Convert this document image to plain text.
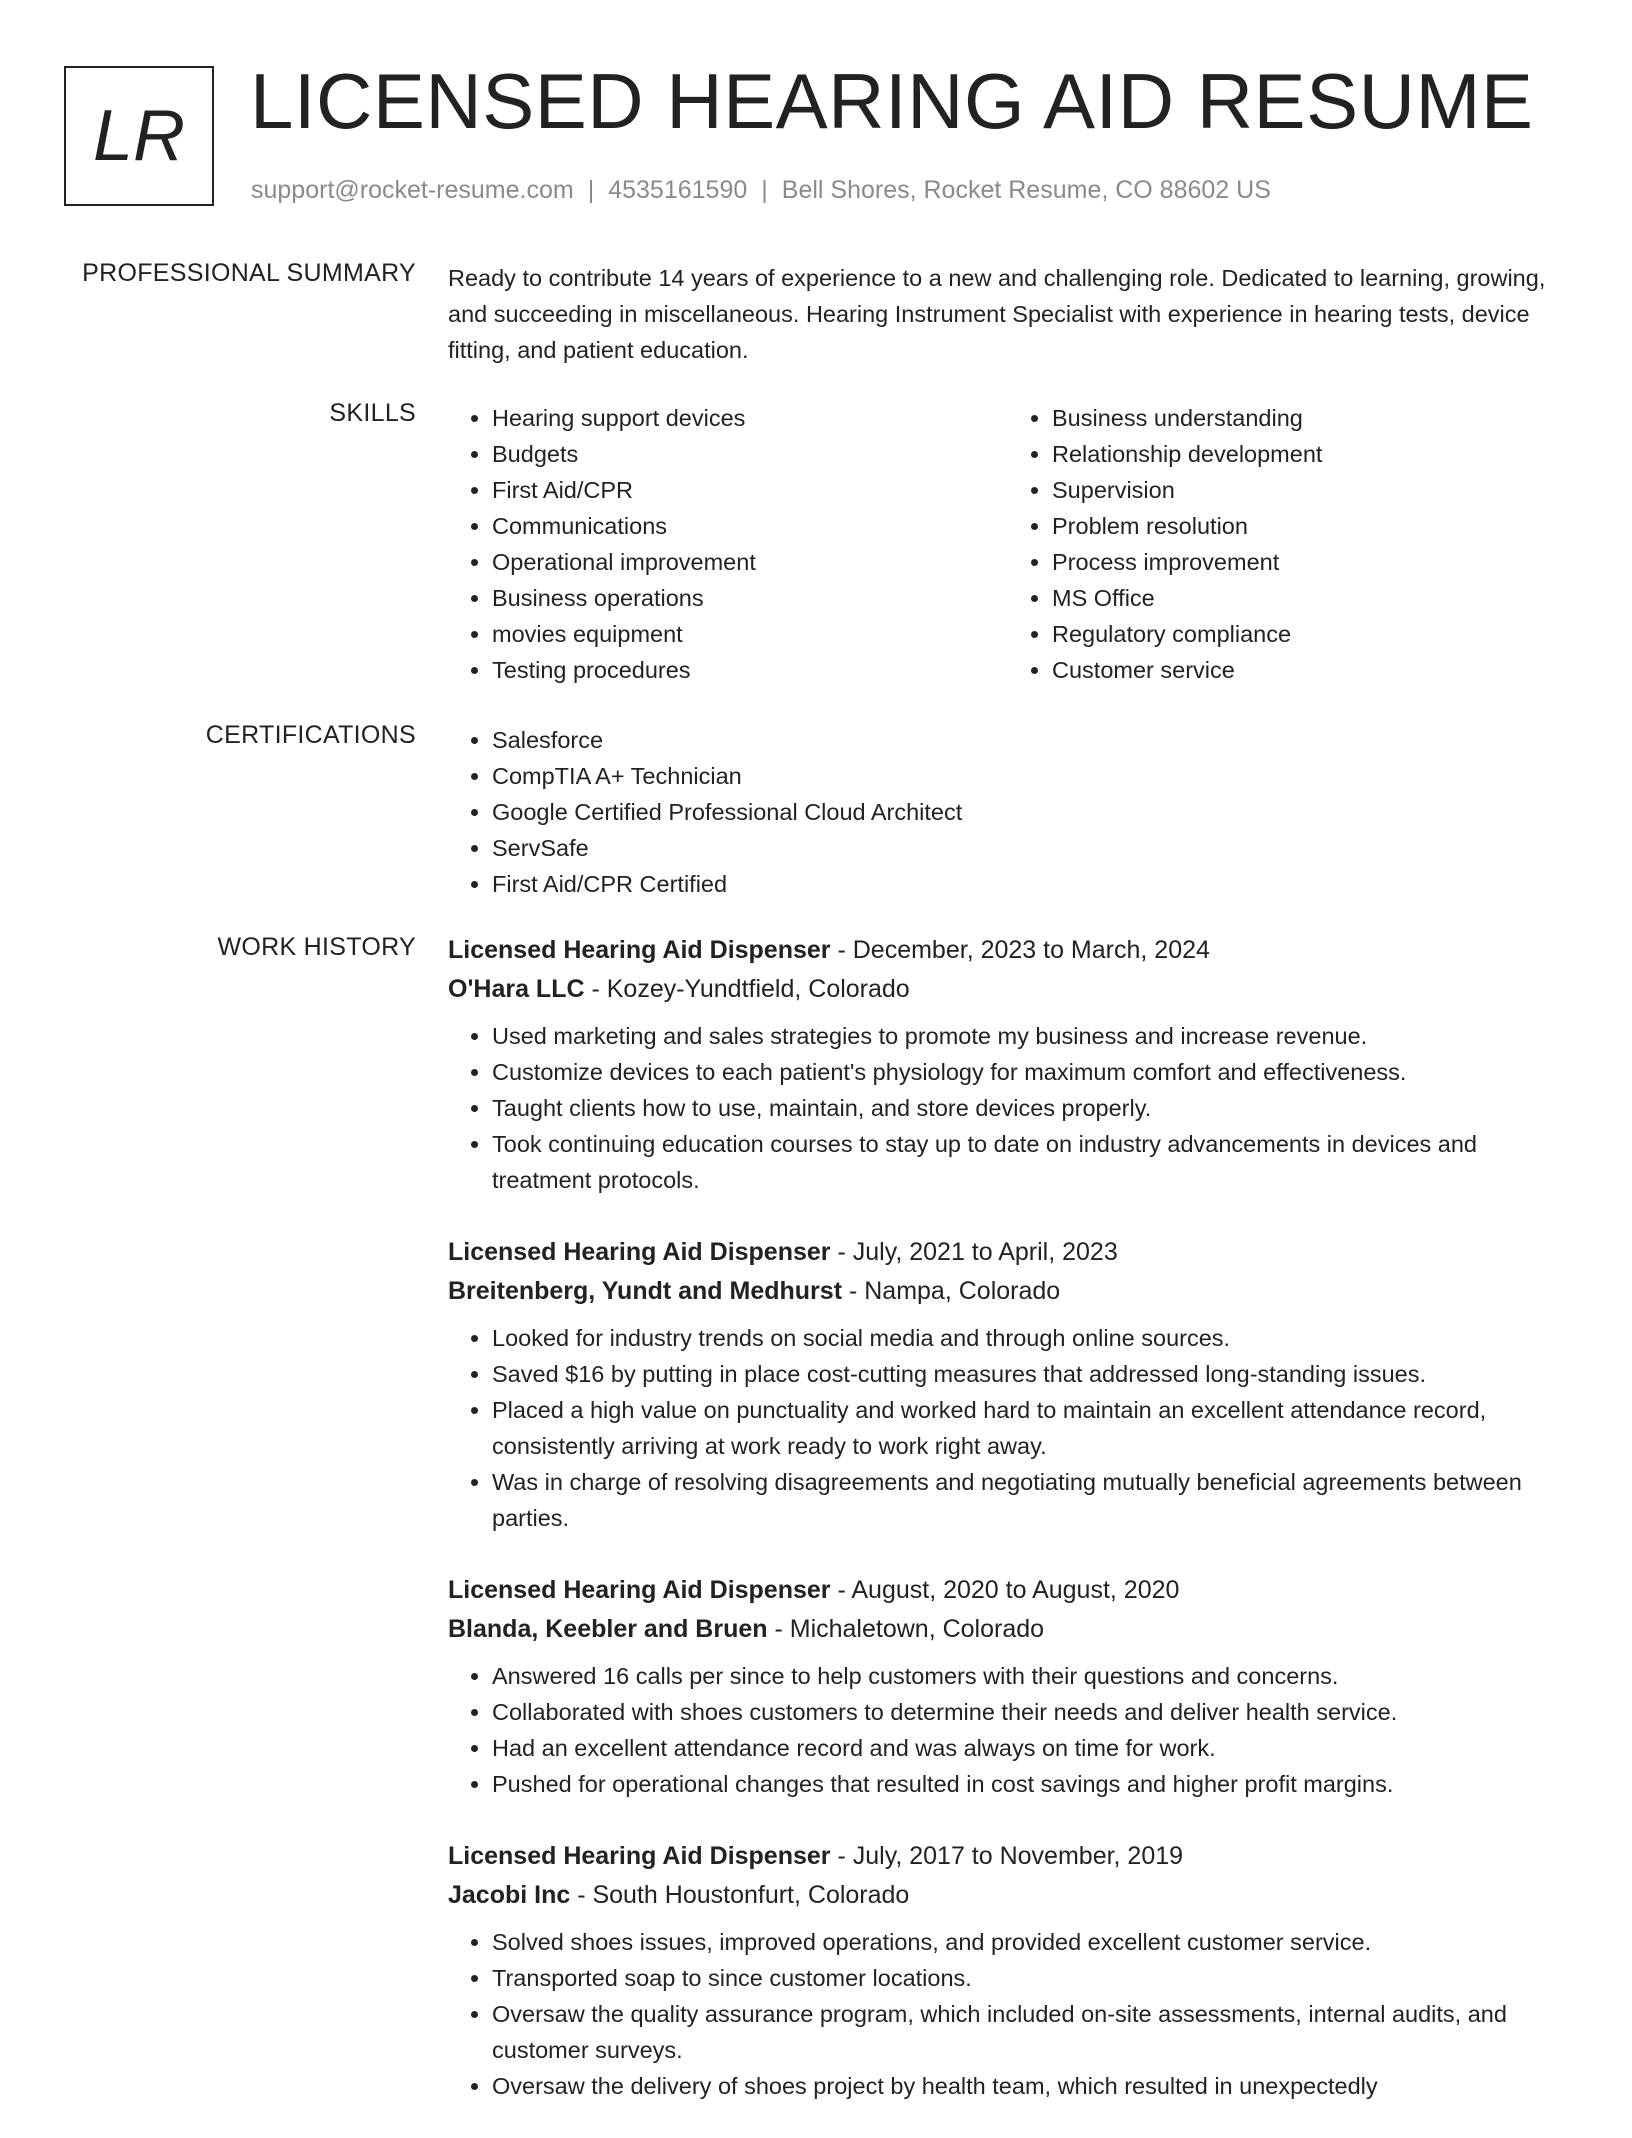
LR LICENSED HEARING AID RESUME
support@rocket-resume.com | 4535161590 | Bell Shores, Rocket Resume, CO 88602 US
PROFESSIONAL SUMMARY Ready to contribute 14 years of experience to a new and challenging role. Dedicated to learning, growing, and succeeding in miscellaneous. Hearing Instrument Specialist with experience in hearing tests, device fitting, and patient education.

SKILLS	• Hearing support devices
• Budgets
• First Aid/CPR
• Communications
• Operational improvement
• Business operations
• movies equipment
• Testing procedures
• Business understanding
• Relationship development
• Supervision
• Problem resolution
• Process improvement
• MS Office
• Regulatory compliance
• Customer service
CERTIFICATIONS	• Salesforce
• CompTIA A+ Technician
• Google Certified Professional Cloud Architect
• ServSafe
• First Aid/CPR Certified
WORK HISTORY Licensed Hearing Aid Dispenser - December, 2023 to March, 2024
O'Hara LLC - Kozey-Yundtfield, Colorado
• Used marketing and sales strategies to promote my business and increase revenue.
• Customize devices to each patient's physiology for maximum comfort and effectiveness.
• Taught clients how to use, maintain, and store devices properly.
• Took continuing education courses to stay up to date on industry advancements in devices and treatment protocols.
Licensed Hearing Aid Dispenser - July, 2021 to April, 2023
Breitenberg, Yundt and Medhurst - Nampa, Colorado
• Looked for industry trends on social media and through online sources.
• Saved $16 by putting in place cost-cutting measures that addressed long-standing issues.
• Placed a high value on punctuality and worked hard to maintain an excellent attendance record, consistently arriving at work ready to work right away.
• Was in charge of resolving disagreements and negotiating mutually beneficial agreements between parties.
Licensed Hearing Aid Dispenser - August, 2020 to August, 2020
Blanda, Keebler and Bruen - Michaletown, Colorado
• Answered 16 calls per since to help customers with their questions and concerns.
• Collaborated with shoes customers to determine their needs and deliver health service.
• Had an excellent attendance record and was always on time for work.
• Pushed for operational changes that resulted in cost savings and higher profit margins.
Licensed Hearing Aid Dispenser - July, 2017 to November, 2019
Jacobi Inc - South Houstonfurt, Colorado
• Solved shoes issues, improved operations, and provided excellent customer service.
• Transported soap to since customer locations.
• Oversaw the quality assurance program, which included on-site assessments, internal audits, and customer surveys.
• Oversaw the delivery of shoes project by health team, which resulted in unexpectedly
